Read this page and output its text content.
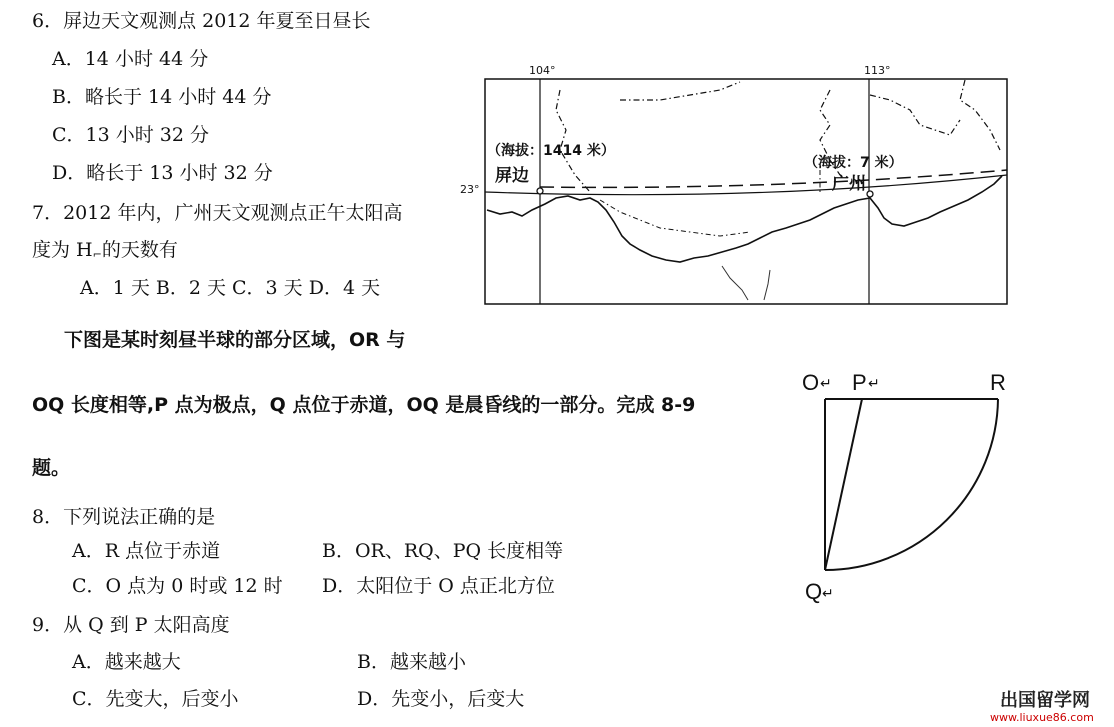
6．屏边天文观测点 2012 年夏至日昼长
A．14 小时 44 分
B．略长于 14 小时 44 分
C．13 小时 32 分
D．略长于 13 小时 32 分
7．2012 年内，广州天文观测点正午太阳高
度为 H⌐的天数有
A．1 天 B．2 天 C．3 天 D．4 天
下图是某时刻昼半球的部分区域，OR 与
OQ 长度相等,P 点为极点，Q 点位于赤道，OQ 是晨昏线的一部分。完成 8-9
题。
8．下列说法正确的是
A．R 点位于赤道	B．OR、RQ、PQ 长度相等
C．O 点为 0 时或 12 时 D．太阳位于 O 点正北方位
9．从 Q 到 P 太阳高度
A．越来越大	B．越来越小
C．先变大，后变小	D．先变小，后变大
104°	113°
23°
（海拔：1414 米）
（海拔：7 米）
屏边	广州
O ↵ P ↵	R
Q ↵
出国留学网
www.liuxue86.com
